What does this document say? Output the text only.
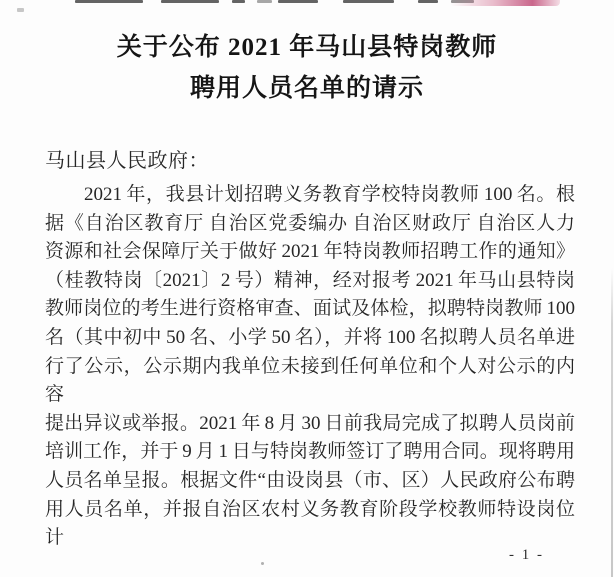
关于公布 2021 年马山县特岗教师
聘用人员名单的请示
马山县人民政府：

2021 年，我县计划招聘义务教育学校特岗教师 100 名。根

据《自治区教育厅 自治区党委编办 自治区财政厅 自治区人力

资源和社会保障厅关于做好 2021 年特岗教师招聘工作的通知》

（桂教特岗〔2021〕2 号）精神，经对报考 2021 年马山县特岗

教师岗位的考生进行资格审查、面试及体检，拟聘特岗教师 100

名（其中初中 50 名、小学 50 名），并将 100 名拟聘人员名单进

行了公示，公示期内我单位未接到任何单位和个人对公示的内容

提出异议或举报。2021 年 8 月 30 日前我局完成了拟聘人员岗前

培训工作，并于 9 月 1 日与特岗教师签订了聘用合同。现将聘用

人员名单呈报。根据文件“由设岗县（市、区）人民政府公布聘

用人员名单，并报自治区农村义务教育阶段学校教师特设岗位计

- 1 -
